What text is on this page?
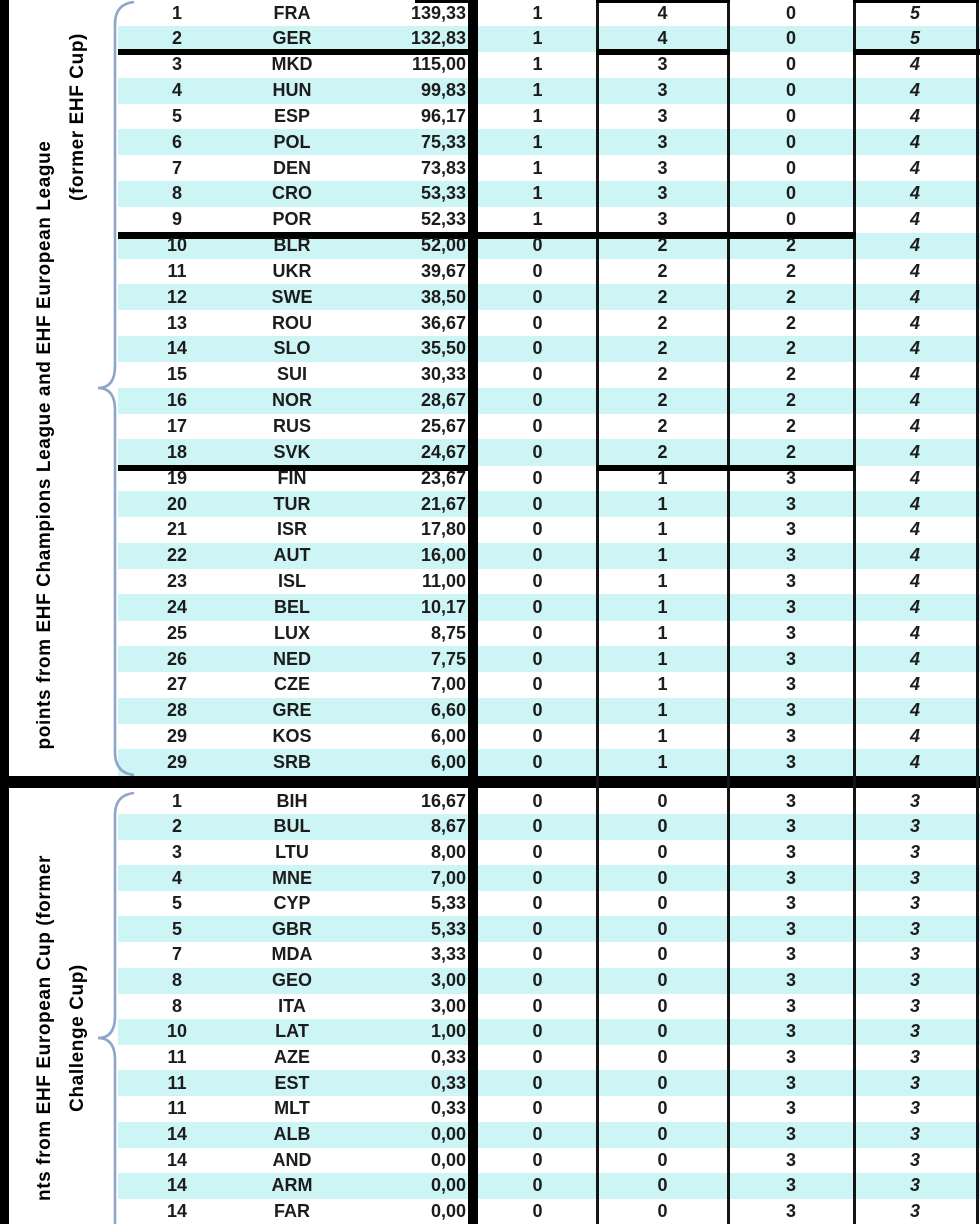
points from EHF Champions League and EHF European League
(former EHF Cup)
nts from EHF European Cup (former Challenge Cup)
1	FRA	139,33	1	4	0	5
2	GER	132,83	1	4	0	5
3	MKD	115,00	1	3	0	4
4	HUN	99,83	1	3	0	4
5	ESP	96,17	1	3	0	4
6	POL	75,33	1	3	0	4
7	DEN	73,83	1	3	0	4
8	CRO	53,33	1	3	0	4
9	POR	52,33	1	3	0	4
10	BLR	52,00	0	2	2	4
11	UKR	39,67	0	2	2	4
12	SWE	38,50	0	2	2	4
13	ROU	36,67	0	2	2	4
14	SLO	35,50	0	2	2	4
15	SUI	30,33	0	2	2	4
16	NOR	28,67	0	2	2	4
17	RUS	25,67	0	2	2	4
18	SVK	24,67	0	2	2	4
19	FIN	23,67	0	1	3	4
20	TUR	21,67	0	1	3	4
21	ISR	17,80	0	1	3	4
22	AUT	16,00	0	1	3	4
23	ISL	11,00	0	1	3	4
24	BEL	10,17	0	1	3	4
25	LUX	8,75	0	1	3	4
26	NED	7,75	0	1	3	4
27	CZE	7,00	0	1	3	4
28	GRE	6,60	0	1	3	4
29	KOS	6,00	0	1	3	4
29	SRB	6,00	0	1	3	4
1	BIH	16,67	0	0	3	3
2	BUL	8,67	0	0	3	3
3	LTU	8,00	0	0	3	3
4	MNE	7,00	0	0	3	3
5	CYP	5,33	0	0	3	3
5	GBR	5,33	0	0	3	3
7	MDA	3,33	0	0	3	3
8	GEO	3,00	0	0	3	3
8	ITA	3,00	0	0	3	3
10	LAT	1,00	0	0	3	3
11	AZE	0,33	0	0	3	3
11	EST	0,33	0	0	3	3
11	MLT	0,33	0	0	3	3
14	ALB	0,00	0	0	3	3
14	AND	0,00	0	0	3	3
14	ARM	0,00	0	0	3	3
14	FAR	0,00	0	0	3	3
